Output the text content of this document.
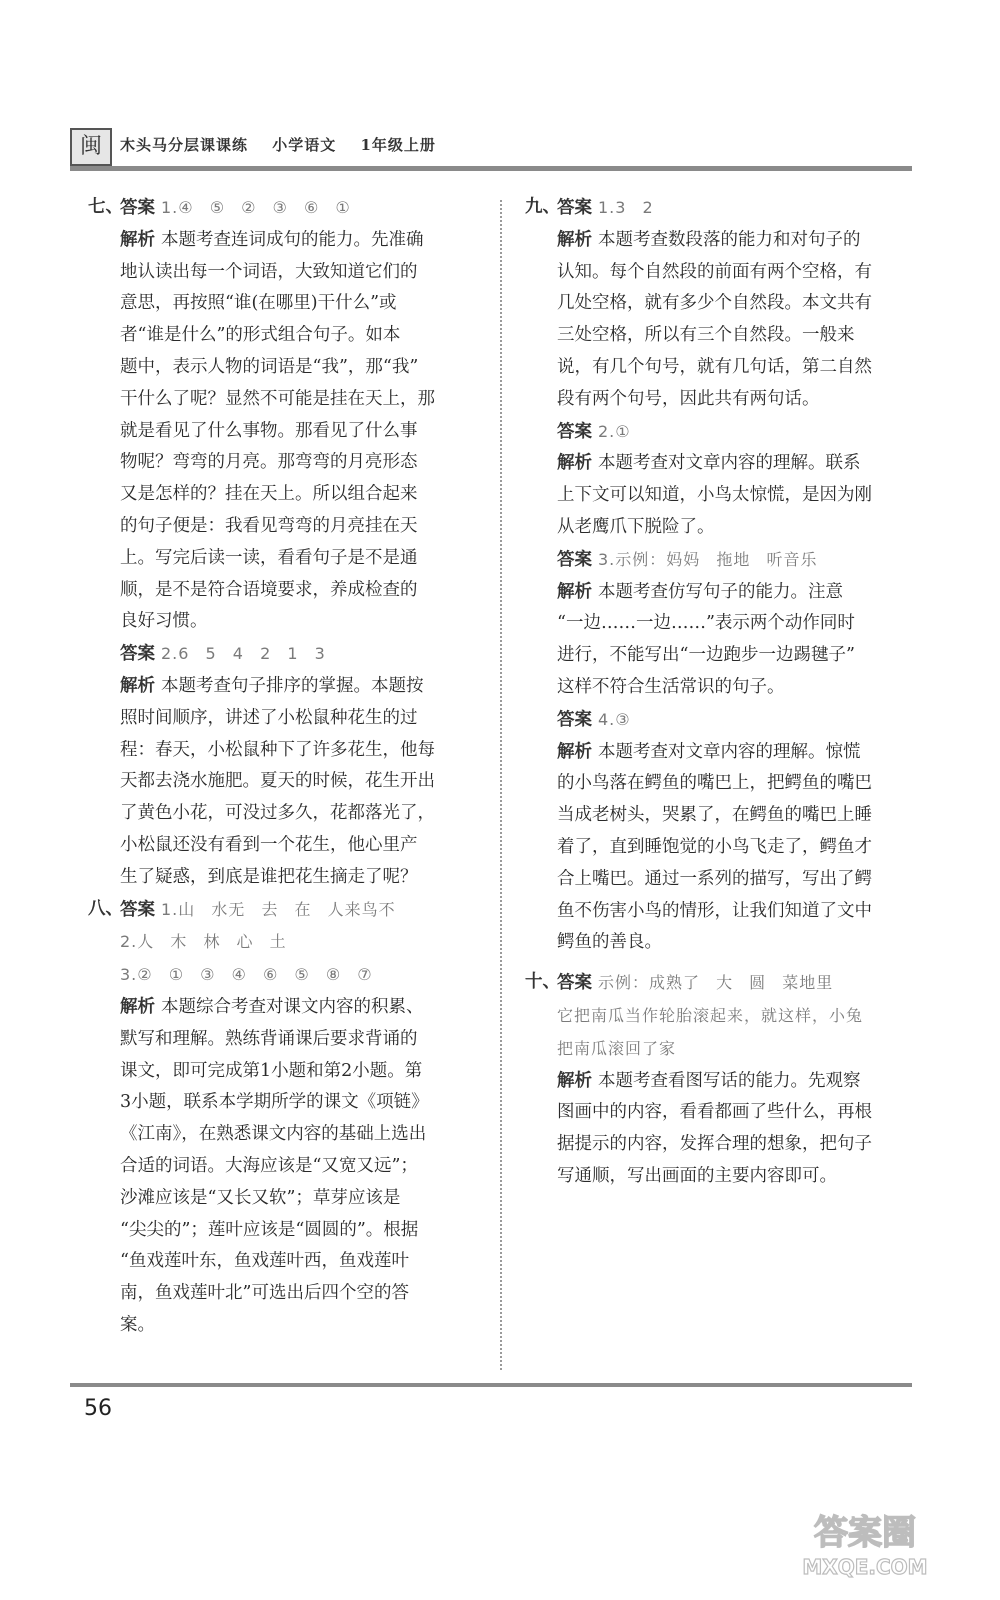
闽	木头马分层课课练 小学语文 1年级上册
七、
答案 1.④ ⑤ ② ③ ⑥ ①
解析 本题考查连词成句的能力。先准确
地认读出每一个词语，大致知道它们的
意思，再按照“谁(在哪里)干什么”或
者“谁是什么”的形式组合句子。如本
题中，表示人物的词语是“我”，那“我”
干什么了呢？显然不可能是挂在天上，那
就是看见了什么事物。那看见了什么事
物呢？弯弯的月亮。那弯弯的月亮形态
又是怎样的？挂在天上。所以组合起来
的句子便是：我看见弯弯的月亮挂在天
上。写完后读一读，看看句子是不是通
顺，是不是符合语境要求，养成检查的
良好习惯。
答案 2.6 5 4 2 1 3
解析 本题考查句子排序的掌握。本题按
照时间顺序，讲述了小松鼠种花生的过
程：春天，小松鼠种下了许多花生，他每
天都去浇水施肥。夏天的时候，花生开出
了黄色小花，可没过多久，花都落光了，
小松鼠还没有看到一个花生，他心里产
生了疑惑，到底是谁把花生摘走了呢？
八、
答案 1.山 水无 去 在 人来鸟不
2.人 木 林 心 土
3.② ① ③ ④ ⑥ ⑤ ⑧ ⑦
解析 本题综合考查对课文内容的积累、
默写和理解。熟练背诵课后要求背诵的
课文，即可完成第1小题和第2小题。第
3小题，联系本学期所学的课文《项链》
《江南》，在熟悉课文内容的基础上选出
合适的词语。大海应该是“又宽又远”；
沙滩应该是“又长又软”；草芽应该是
“尖尖的”；莲叶应该是“圆圆的”。根据
“鱼戏莲叶东，鱼戏莲叶西，鱼戏莲叶
南，鱼戏莲叶北”可选出后四个空的答
案。
九、
答案 1.3 2
解析 本题考查数段落的能力和对句子的
认知。每个自然段的前面有两个空格，有
几处空格，就有多少个自然段。本文共有
三处空格，所以有三个自然段。一般来
说，有几个句号，就有几句话，第二自然
段有两个句号，因此共有两句话。
答案 2.①
解析 本题考查对文章内容的理解。联系
上下文可以知道，小鸟太惊慌，是因为刚
从老鹰爪下脱险了。
答案 3.示例：妈妈 拖地 听音乐
解析 本题考查仿写句子的能力。注意
“一边……一边……”表示两个动作同时
进行，不能写出“一边跑步一边踢毽子”
这样不符合生活常识的句子。
答案 4.③
解析 本题考查对文章内容的理解。惊慌
的小鸟落在鳄鱼的嘴巴上，把鳄鱼的嘴巴
当成老树头，哭累了，在鳄鱼的嘴巴上睡
着了，直到睡饱觉的小鸟飞走了，鳄鱼才
合上嘴巴。通过一系列的描写，写出了鳄
鱼不伤害小鸟的情形，让我们知道了文中
鳄鱼的善良。
十、
答案 示例：成熟了 大 圆 菜地里
它把南瓜当作轮胎滚起来，就这样，小兔
把南瓜滚回了家
解析 本题考查看图写话的能力。先观察
图画中的内容，看看都画了些什么，再根
据提示的内容，发挥合理的想象，把句子
写通顺，写出画面的主要内容即可。
56
答案圈
MXQE.COM
